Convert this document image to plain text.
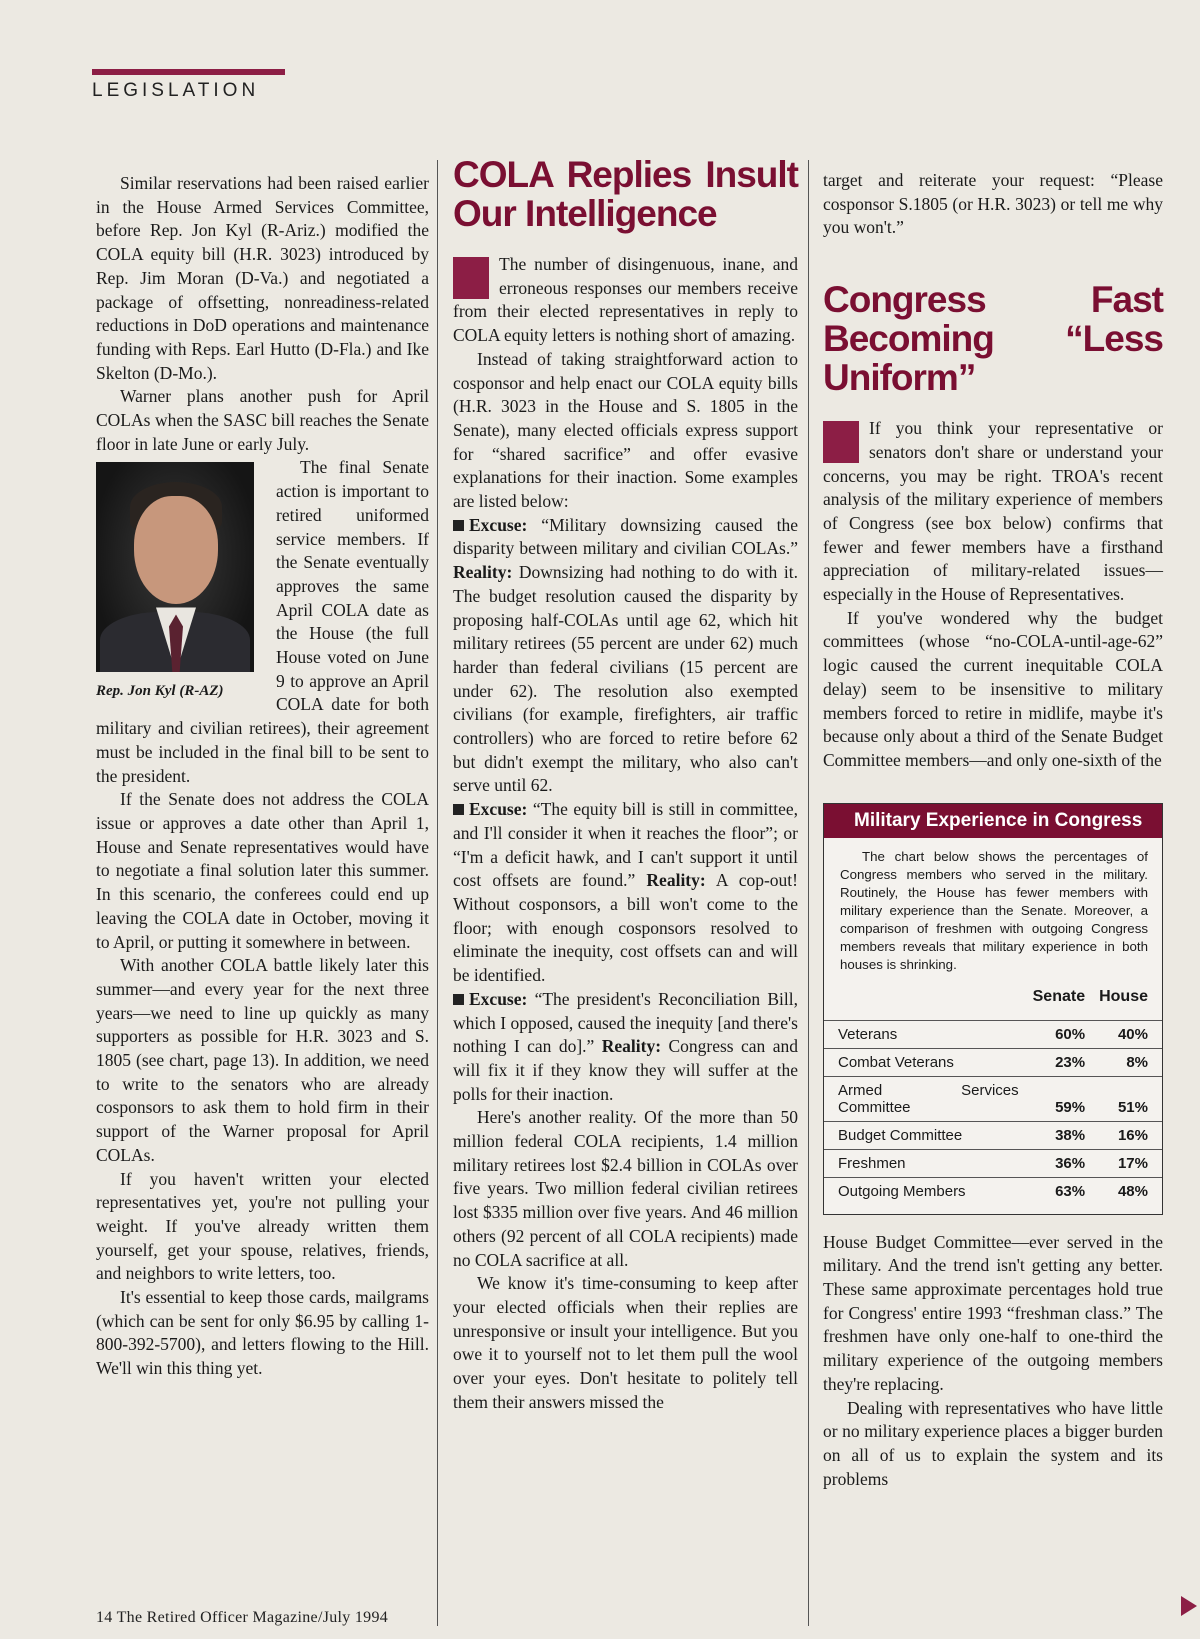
LEGISLATION

Similar reservations had been raised earlier in the House Armed Services Committee, before Rep. Jon Kyl (R-Ariz.) modified the COLA equity bill (H.R. 3023) introduced by Rep. Jim Moran (D-Va.) and negotiated a package of offsetting, nonreadiness-related reductions in DoD operations and maintenance funding with Reps. Earl Hutto (D-Fla.) and Ike Skelton (D-Mo.).

Warner plans another push for April COLAs when the SASC bill reaches the Senate floor in late June or early July.

Rep. Jon Kyl (R-AZ)
The final Senate action is important to retired uniformed service members. If the Senate eventually approves the same April COLA date as the House (the full House voted on June 9 to approve an April COLA date for both military and civilian retirees), their agreement must be included in the final bill to be sent to the president.

If the Senate does not address the COLA issue or approves a date other than April 1, House and Senate representatives would have to negotiate a final solution later this summer. In this scenario, the conferees could end up leaving the COLA date in October, moving it to April, or putting it somewhere in between.

With another COLA battle likely later this summer—and every year for the next three years—we need to line up quickly as many supporters as possible for H.R. 3023 and S. 1805 (see chart, page 13). In addition, we need to write to the senators who are already cosponsors to ask them to hold firm in their support of the Warner proposal for April COLAs.

If you haven't written your elected representatives yet, you're not pulling your weight. If you've already written them yourself, get your spouse, relatives, friends, and neighbors to write letters, too.

It's essential to keep those cards, mailgrams (which can be sent for only $6.95 by calling 1-800-392-5700), and letters flowing to the Hill. We'll win this thing yet.

COLA Replies Insult Our Intelligence

The number of disingenuous, inane, and erroneous responses our members receive from their elected representatives in reply to COLA equity letters is nothing short of amazing.

Instead of taking straightforward action to cosponsor and help enact our COLA equity bills (H.R. 3023 in the House and S. 1805 in the Senate), many elected officials express support for “shared sacrifice” and offer evasive explanations for their inaction. Some examples are listed below:

Excuse: “Military downsizing caused the disparity between military and civilian COLAs.” Reality: Downsizing had nothing to do with it. The budget resolution caused the disparity by proposing half-COLAs until age 62, which hit military retirees (55 percent are under 62) much harder than federal civilians (15 percent are under 62). The resolution also exempted civilians (for example, firefighters, air traffic controllers) who are forced to retire before 62 but didn't exempt the military, who also can't serve until 62.

Excuse: “The equity bill is still in committee, and I'll consider it when it reaches the floor”; or “I'm a deficit hawk, and I can't support it until cost offsets are found.” Reality: A cop-out! Without cosponsors, a bill won't come to the floor; with enough cosponsors resolved to eliminate the inequity, cost offsets can and will be identified.

Excuse: “The president's Reconciliation Bill, which I opposed, caused the inequity [and there's nothing I can do].” Reality: Congress can and will fix it if they know they will suffer at the polls for their inaction.

Here's another reality. Of the more than 50 million federal COLA recipients, 1.4 million military retirees lost $2.4 billion in COLAs over five years. Two million federal civilian retirees lost $335 million over five years. And 46 million others (92 percent of all COLA recipients) made no COLA sacrifice at all.

We know it's time-consuming to keep after your elected officials when their replies are unresponsive or insult your intelligence. But you owe it to yourself not to let them pull the wool over your eyes. Don't hesitate to politely tell them their answers missed the

target and reiterate your request: “Please cosponsor S.1805 (or H.R. 3023) or tell me why you won't.”

Congress Fast Becoming “Less Uniform”

If you think your representative or senators don't share or understand your concerns, you may be right. TROA's recent analysis of the military experience of members of Congress (see box below) confirms that fewer and fewer members have a firsthand appreciation of military-related issues—especially in the House of Representatives.

If you've wondered why the budget committees (whose “no-COLA-until-age-62” logic caused the current inequitable COLA delay) seem to be insensitive to military members forced to retire in midlife, maybe it's because only about a third of the Senate Budget Committee members—and only one-sixth of the

Military Experience in Congress
The chart below shows the percentages of Congress members who served in the military. Routinely, the House has fewer members with military experience than the Senate. Moreover, a comparison of freshmen with outgoing Congress members reveals that military experience in both houses is shrinking.
	Senate	House
Veterans	60%	40%
Combat Veterans	23%	8%
Armed Services Committee	59%	51%
Budget Committee	38%	16%
Freshmen	36%	17%
Outgoing Members	63%	48%

House Budget Committee—ever served in the military. And the trend isn't getting any better. These same approximate percentages hold true for Congress' entire 1993 “freshman class.” The freshmen have only one-half to one-third the military experience of the outgoing members they're replacing.

Dealing with representatives who have little or no military experience places a bigger burden on all of us to explain the system and its problems

14 The Retired Officer Magazine/July 1994
